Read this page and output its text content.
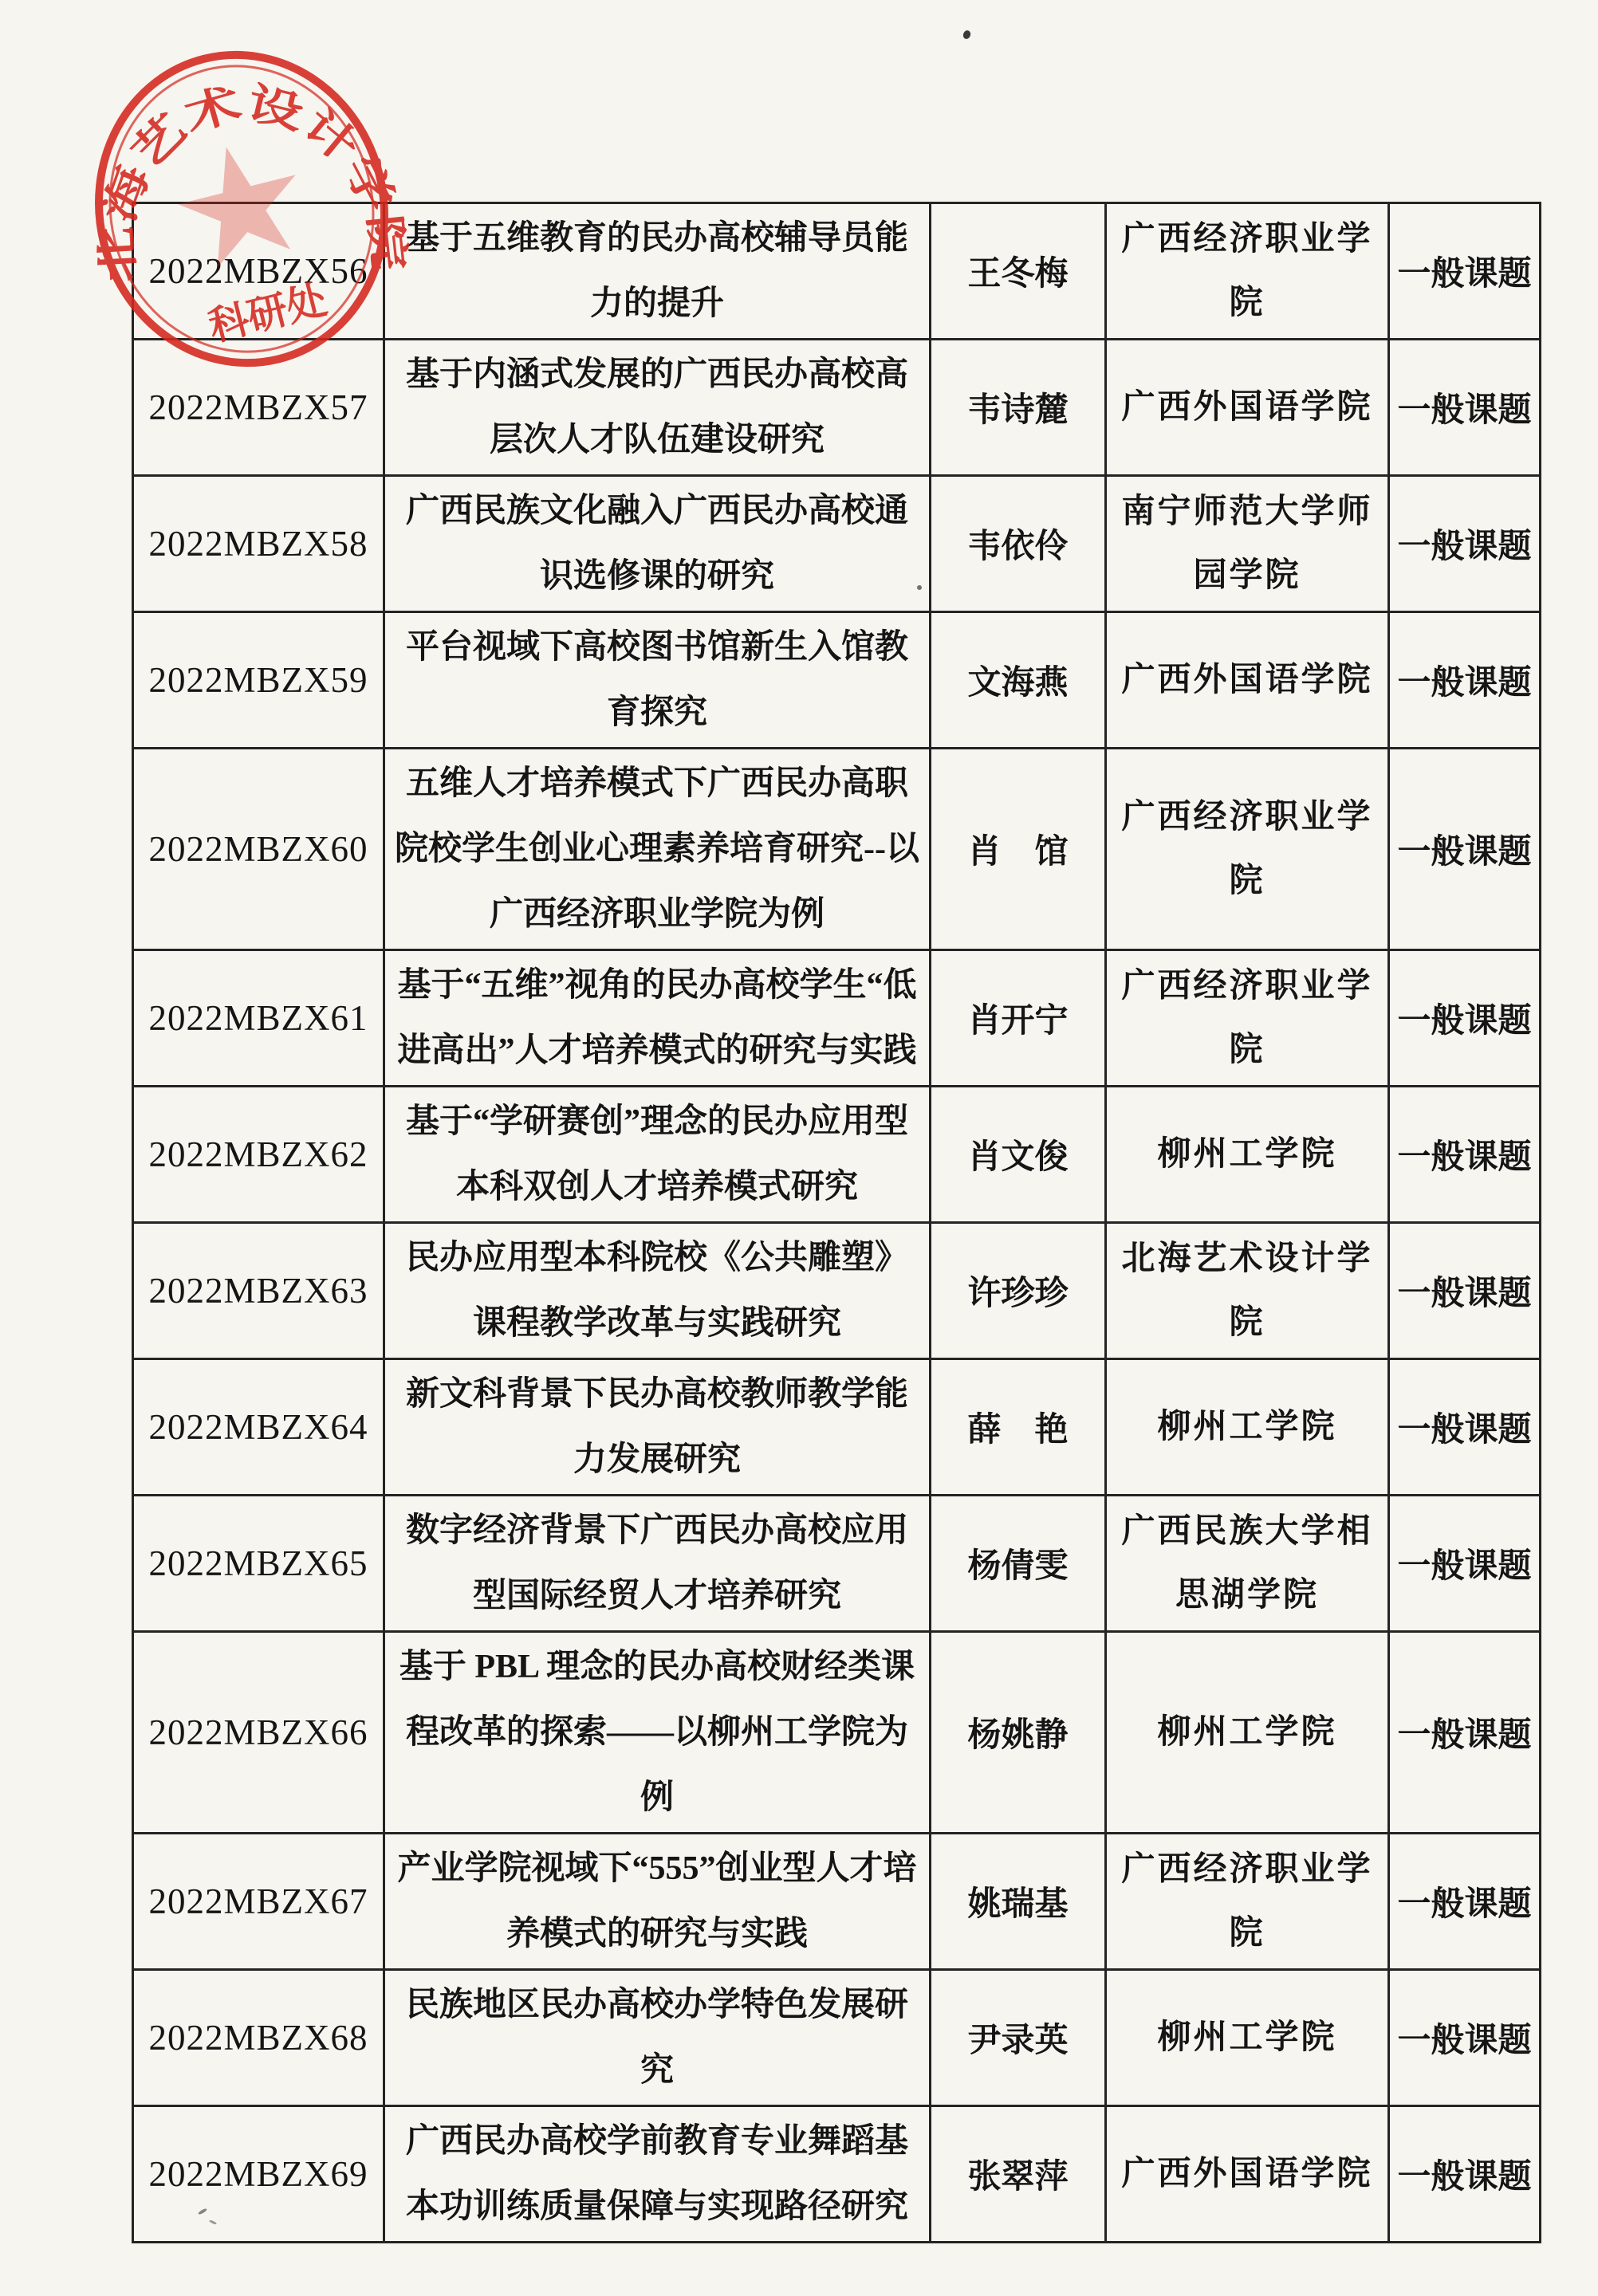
2022MBZX56	基于五维教育的民办高校辅导员能力的提升	王冬梅	广西经济职业学院	一般课题
2022MBZX57	基于内涵式发展的广西民办高校高层次人才队伍建设研究	韦诗麓	广西外国语学院	一般课题
2022MBZX58	广西民族文化融入广西民办高校通识选修课的研究	韦依伶	南宁师范大学师园学院	一般课题
2022MBZX59	平台视域下高校图书馆新生入馆教育探究	文海燕	广西外国语学院	一般课题
2022MBZX60	五维人才培养模式下广西民办高职院校学生创业心理素养培育研究--以广西经济职业学院为例	肖　馆	广西经济职业学院	一般课题
2022MBZX61	基于“五维”视角的民办高校学生“低进高出”人才培养模式的研究与实践	肖开宁	广西经济职业学院	一般课题
2022MBZX62	基于“学研赛创”理念的民办应用型本科双创人才培养模式研究	肖文俊	柳州工学院	一般课题
2022MBZX63	民办应用型本科院校《公共雕塑》课程教学改革与实践研究	许珍珍	北海艺术设计学院	一般课题
2022MBZX64	新文科背景下民办高校教师教学能力发展研究	薛　艳	柳州工学院	一般课题
2022MBZX65	数字经济背景下广西民办高校应用型国际经贸人才培养研究	杨倩雯	广西民族大学相思湖学院	一般课题
2022MBZX66	基于 PBL 理念的民办高校财经类课程改革的探索——以柳州工学院为例	杨姚静	柳州工学院	一般课题
2022MBZX67	产业学院视域下“555”创业型人才培养模式的研究与实践	姚瑞基	广西经济职业学院	一般课题
2022MBZX68	民族地区民办高校办学特色发展研究	尹录英	柳州工学院	一般课题
2022MBZX69	广西民办高校学前教育专业舞蹈基本功训练质量保障与实现路径研究	张翠萍	广西外国语学院	一般课题
北海艺术设计学院
科研处
